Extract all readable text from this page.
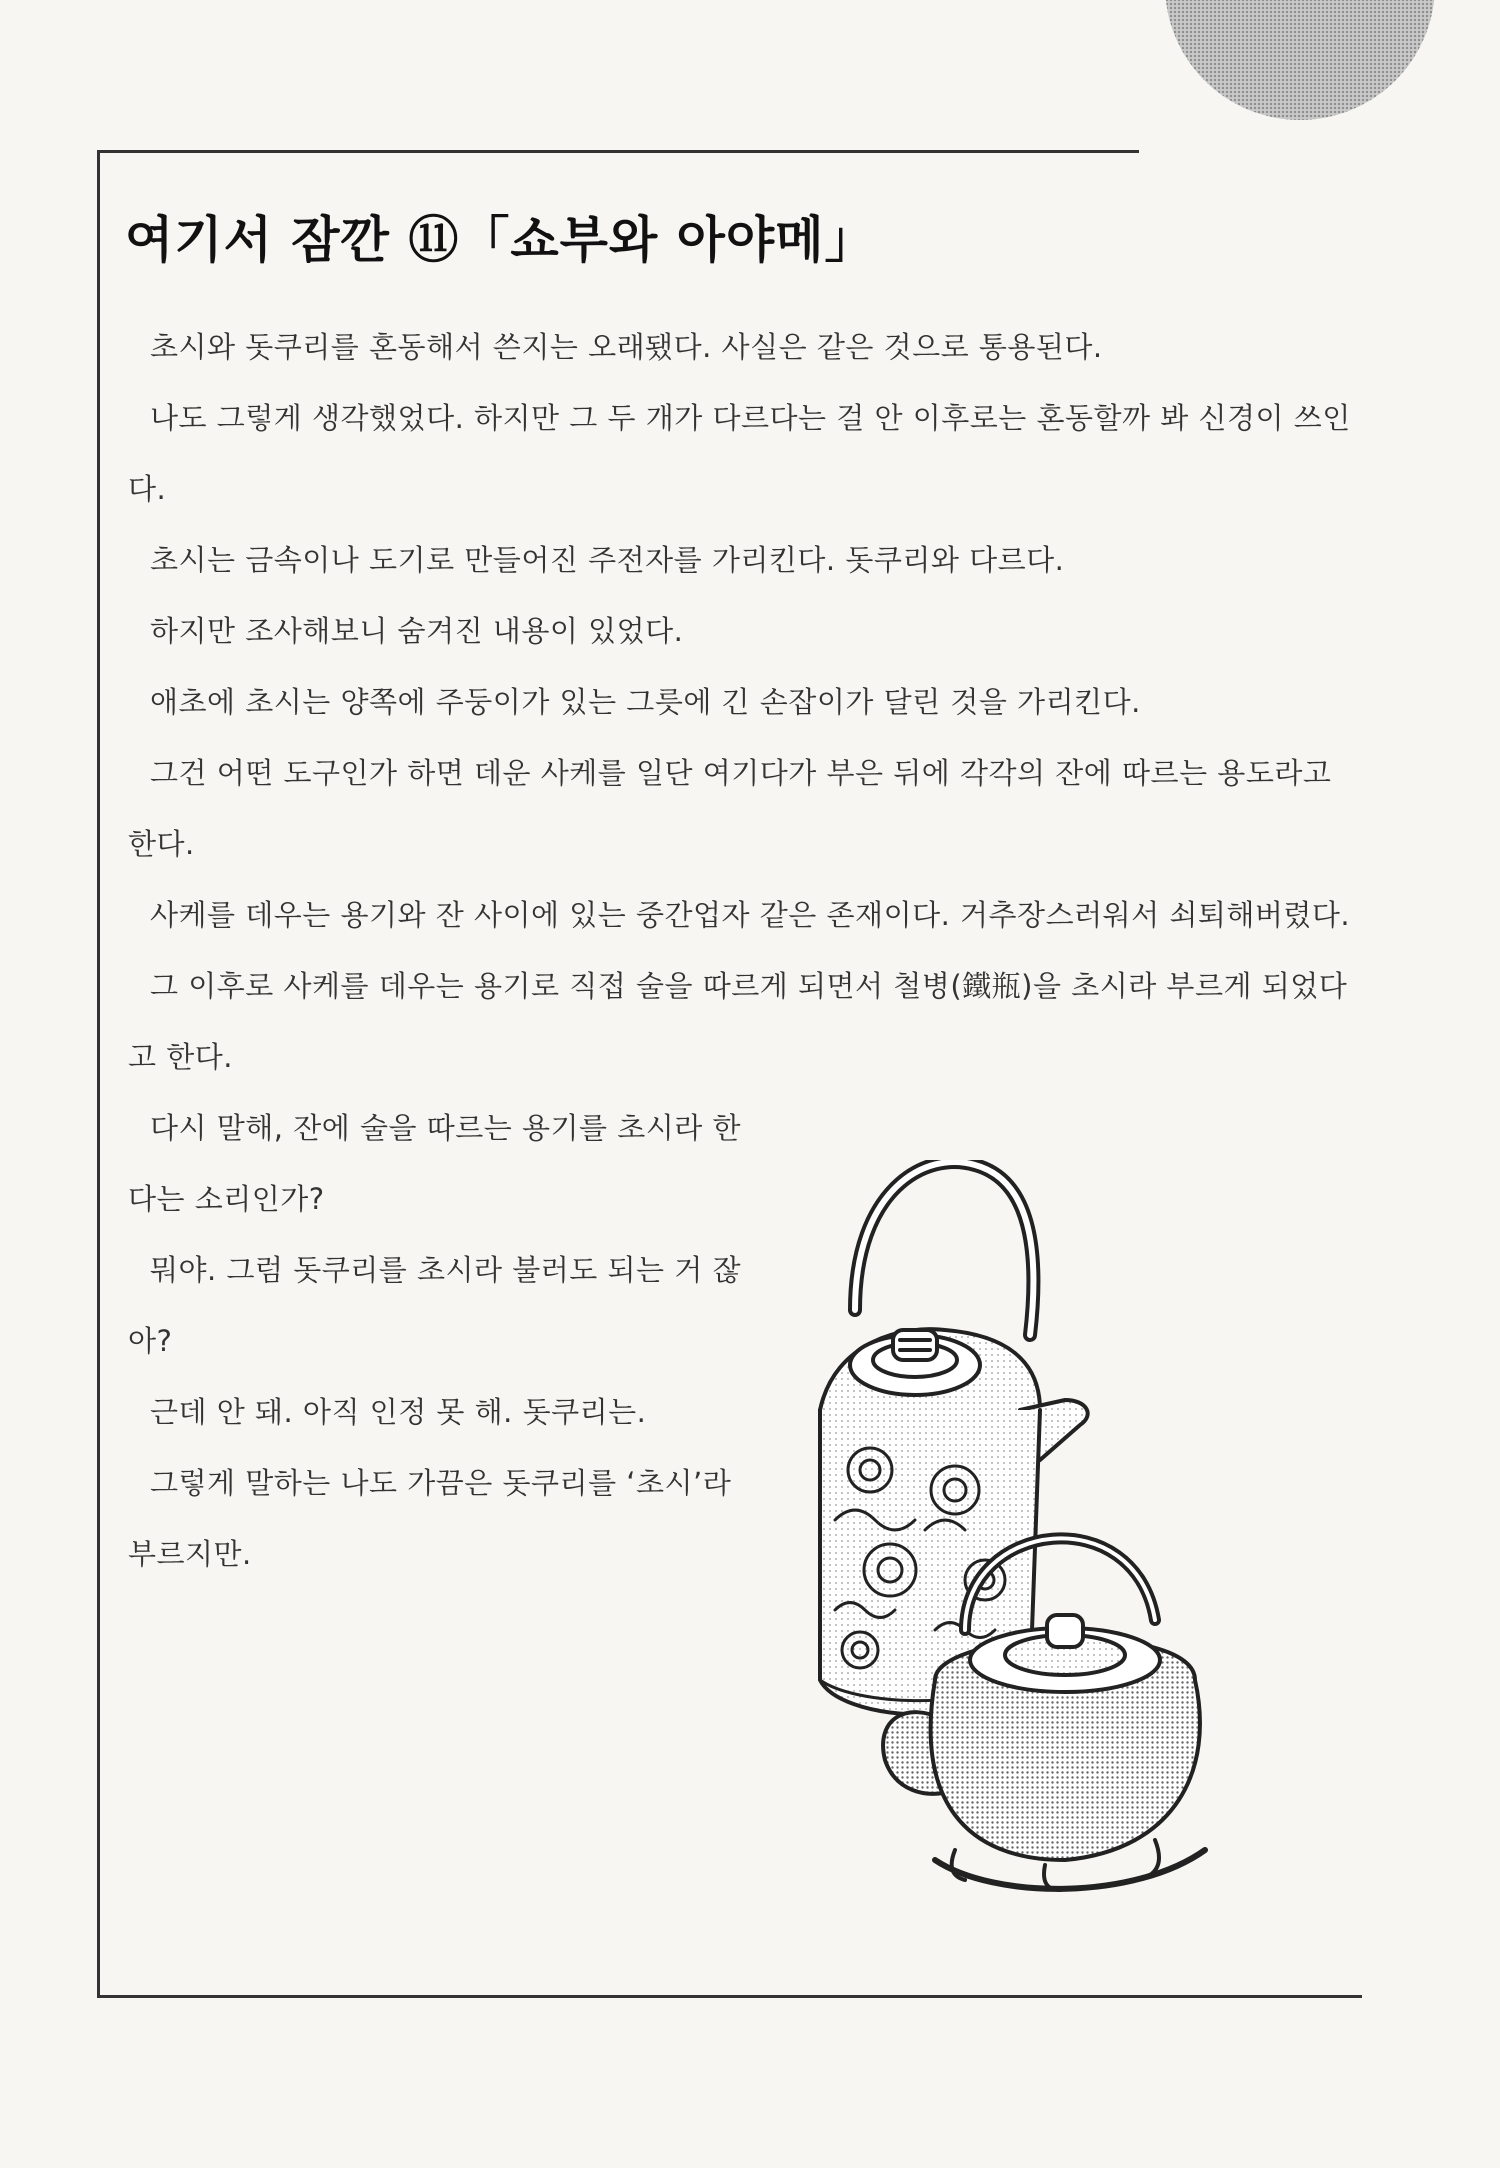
여기서 잠깐 ⑪「쇼부와 아야메」

초시와 돗쿠리를 혼동해서 쓴지는 오래됐다. 사실은 같은 것으로 통용된다.

나도 그렇게 생각했었다. 하지만 그 두 개가 다르다는 걸 안 이후로는 혼동할까 봐 신경이 쓰인다.

초시는 금속이나 도기로 만들어진 주전자를 가리킨다. 돗쿠리와 다르다.

하지만 조사해보니 숨겨진 내용이 있었다.

애초에 초시는 양쪽에 주둥이가 있는 그릇에 긴 손잡이가 달린 것을 가리킨다.

그건 어떤 도구인가 하면 데운 사케를 일단 여기다가 부은 뒤에 각각의 잔에 따르는 용도라고 한다.

사케를 데우는 용기와 잔 사이에 있는 중간업자 같은 존재이다. 거추장스러워서 쇠퇴해버렸다.

그 이후로 사케를 데우는 용기로 직접 술을 따르게 되면서 철병(鐵瓶)을 초시라 부르게 되었다고 한다.

다시 말해, 잔에 술을 따르는 용기를 초시라 한다는 소리인가?

뭐야. 그럼 돗쿠리를 초시라 불러도 되는 거 잖아?

근데 안 돼. 아직 인정 못 해. 돗쿠리는.

그렇게 말하는 나도 가끔은 돗쿠리를 ‘초시’라 부르지만.
